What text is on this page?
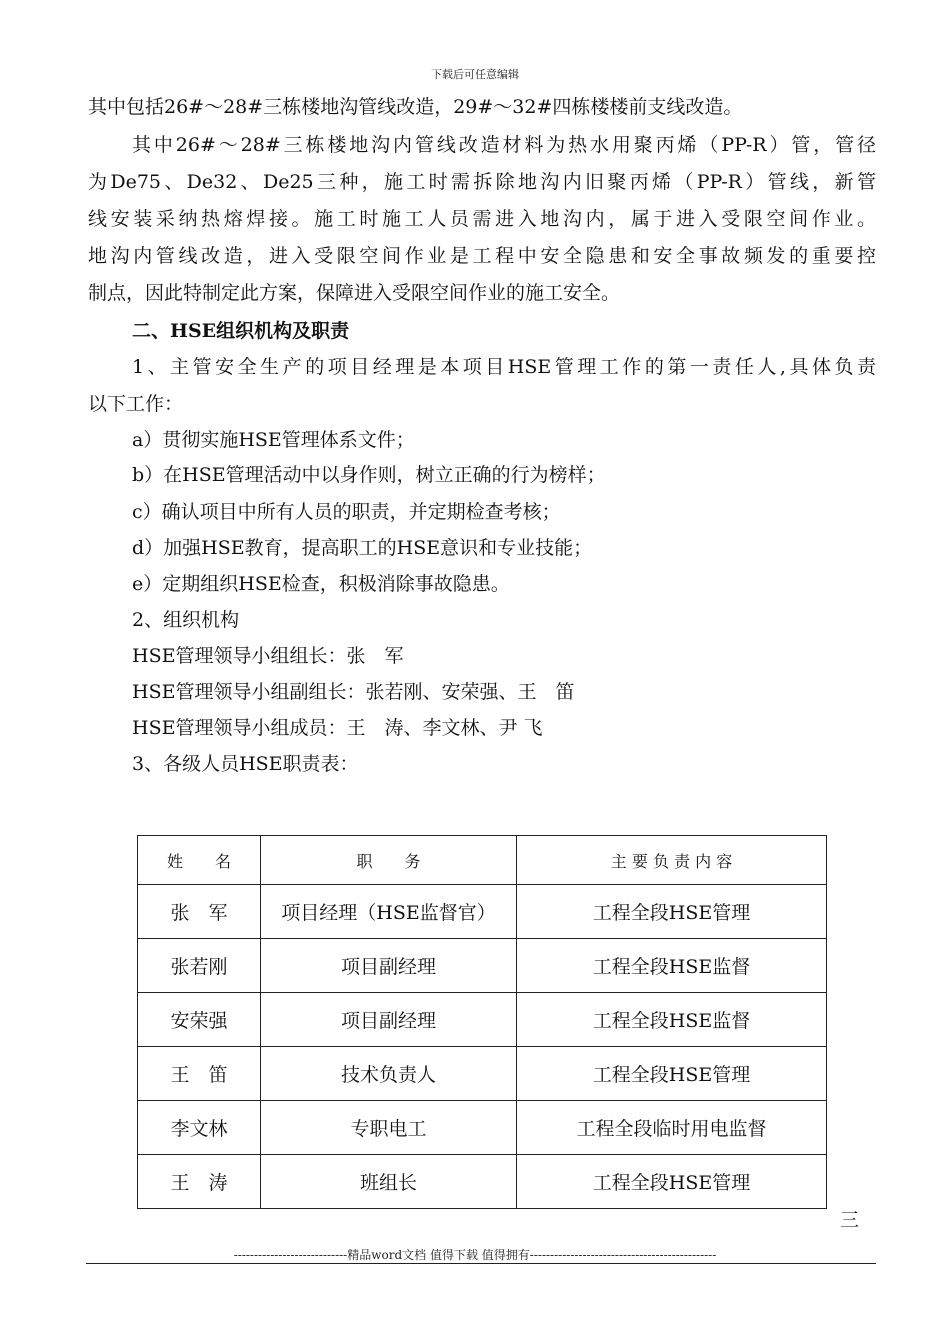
下载后可任意编辑
其中包括26#～28#三栋楼地沟管线改造，29#～32#四栋楼楼前支线改造。
其中26#～28#三栋楼地沟内管线改造材料为热水用聚丙烯（PP-R）管，管径
为De75、De32、De25三种，施工时需拆除地沟内旧聚丙烯（PP-R）管线，新管
线安装采纳热熔焊接。施工时施工人员需进入地沟内，属于进入受限空间作业。
地沟内管线改造，进入受限空间作业是工程中安全隐患和安全事故频发的重要控
制点，因此特制定此方案，保障进入受限空间作业的施工安全。
二、HSE组织机构及职责
1、主管安全生产的项目经理是本项目HSE管理工作的第一责任人,具体负责
以下工作：
a）贯彻实施HSE管理体系文件；
b）在HSE管理活动中以身作则，树立正确的行为榜样；
c）确认项目中所有人员的职责，并定期检查考核；
d）加强HSE教育，提高职工的HSE意识和专业技能；
e）定期组织HSE检查，积极消除事故隐患。
2、组织机构
HSE管理领导小组组长：张　军
HSE管理领导小组副组长：张若刚、安荣强、王　笛
HSE管理领导小组成员：王　涛、李文林、尹 飞
3、各级人员HSE职责表：
姓　　名	职　　务	主 要 负 责 内 容
张　军	项目经理（HSE监督官）	工程全段HSE管理
张若刚	项目副经理	工程全段HSE监督
安荣强	项目副经理	工程全段HSE监督
王　笛	技术负责人	工程全段HSE管理
李文林	专职电工	工程全段临时用电监督
王　涛	班组长	工程全段HSE管理
三
----------------------------精品word文档 值得下载 值得拥有----------------------------------------------
